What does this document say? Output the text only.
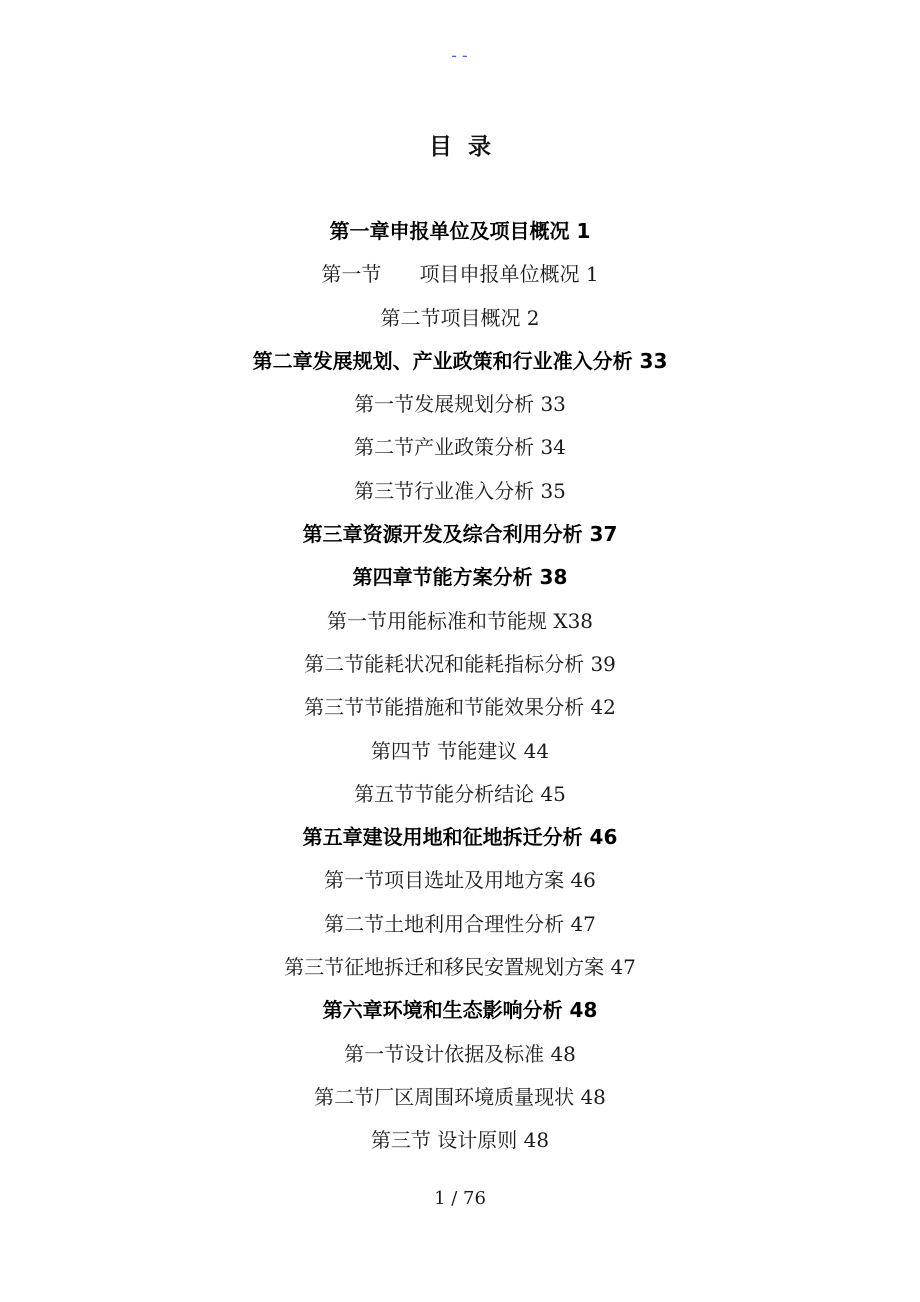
--
目  录
第一章申报单位及项目概况 1
第一节      项目申报单位概况 1
第二节项目概况 2
第二章发展规划、产业政策和行业准入分析 33
第一节发展规划分析 33
第二节产业政策分析 34
第三节行业准入分析 35
第三章资源开发及综合利用分析 37
第四章节能方案分析 38
第一节用能标准和节能规 X38
第二节能耗状况和能耗指标分析 39
第三节节能措施和节能效果分析 42
第四节 节能建议 44
第五节节能分析结论 45
第五章建设用地和征地拆迁分析 46
第一节项目选址及用地方案 46
第二节土地利用合理性分析 47
第三节征地拆迁和移民安置规划方案 47
第六章环境和生态影响分析 48
第一节设计依据及标准 48
第二节厂区周围环境质量现状 48
第三节 设计原则 48
1 / 76
